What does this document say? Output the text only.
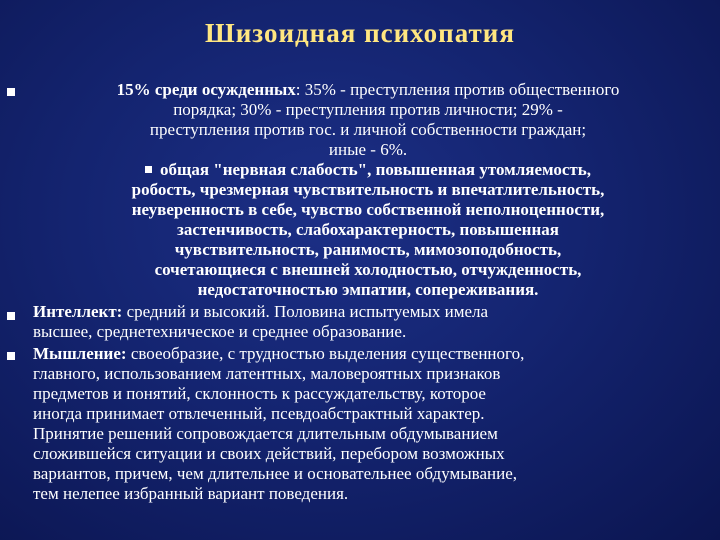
Шизоидная психопатия
15% среди осужденных: 35% - преступления против общественного
порядка; 30% - преступления против личности; 29% -
преступления против гос. и личной собственности граждан;
иные - 6%.
общая "нервная слабость", повышенная утомляемость,
робость, чрезмерная чувствительность и впечатлительность,
неуверенность в себе, чувство собственной неполноценности,
застенчивость, слабохарактерность, повышенная
чувствительность, ранимость, мимозоподобность,
сочетающиеся с внешней холодностью, отчужденность,
недостаточностью эмпатии, сопереживания.
Интеллект: средний и высокий. Половина испытуемых имела
высшее, среднетехническое и среднее образование.
Мышление: своеобразие, с трудностью выделения существенного,
главного, использованием латентных, маловероятных признаков
предметов и понятий, склонность к рассуждательству, которое
иногда принимает отвлеченный, псевдоабстрактный характер.
Принятие решений сопровождается длительным обдумыванием
сложившейся ситуации и своих действий, перебором возможных
вариантов, причем, чем длительнее и основательнее обдумывание,
тем нелепее избранный вариант поведения.
